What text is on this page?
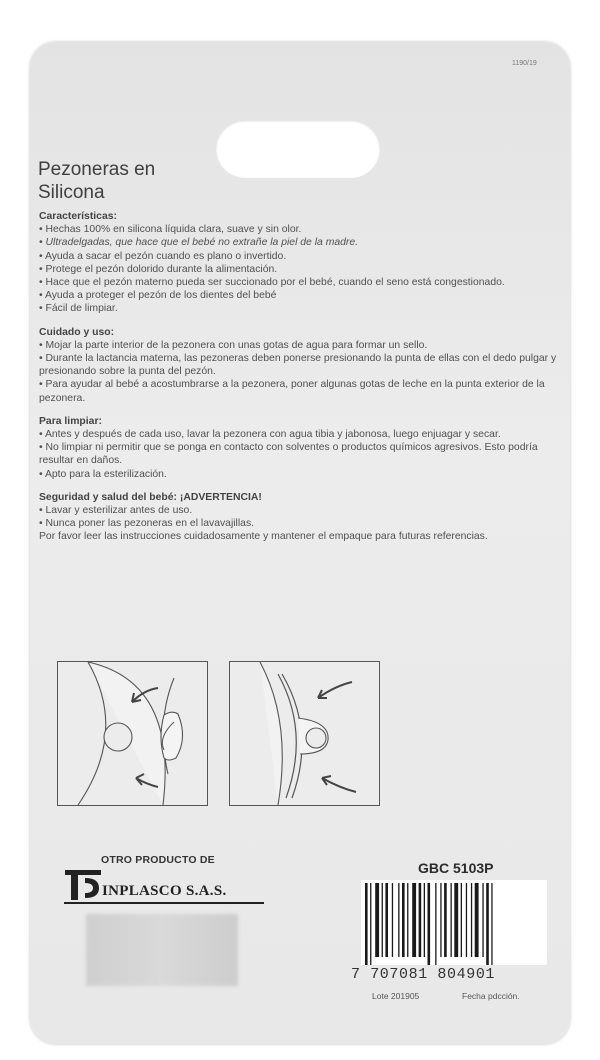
1190/19
Pezoneras en
Silicona
Características:
• Hechas 100% en silicona líquida clara, suave y sin olor.
• Ultradelgadas, que hace que el bebé no extrañe la piel de la madre.
• Ayuda a sacar el pezón cuando es plano o invertido.
• Protege el pezón dolorido durante la alimentación.
• Hace que el pezón materno pueda ser succionado por el bebé, cuando el seno está congestionado.
• Ayuda a proteger el pezón de los dientes del bebé
• Fácil de limpiar.
Cuidado y uso:
• Mojar la parte interior de la pezonera con unas gotas de agua para formar un sello.
• Durante la lactancia materna, las pezoneras deben ponerse presionando la punta de ellas con el dedo pulgar y presionando sobre la punta del pezón.
• Para ayudar al bebé a acostumbrarse a la pezonera, poner algunas gotas de leche en la punta exterior de la pezonera.
Para limpiar:
• Antes y después de cada uso, lavar la pezonera con agua tibia y jabonosa, luego enjuagar y secar.
• No limpiar ni permitir que se ponga en contacto con solventes o productos químicos agresivos. Esto podría resultar en daños.
• Apto para la esterilización.
Seguridad y salud del bebé: ¡ADVERTENCIA!
• Lavar y esterilizar antes de uso.
• Nunca poner las pezoneras en el lavavajillas.
Por favor leer las instrucciones cuidadosamente y mantener el empaque para futuras referencias.
OTRO PRODUCTO DE
INPLASCO S.A.S.
GBC 5103P
7 707081 804901
Lote 201905	Fecha pdcción.
